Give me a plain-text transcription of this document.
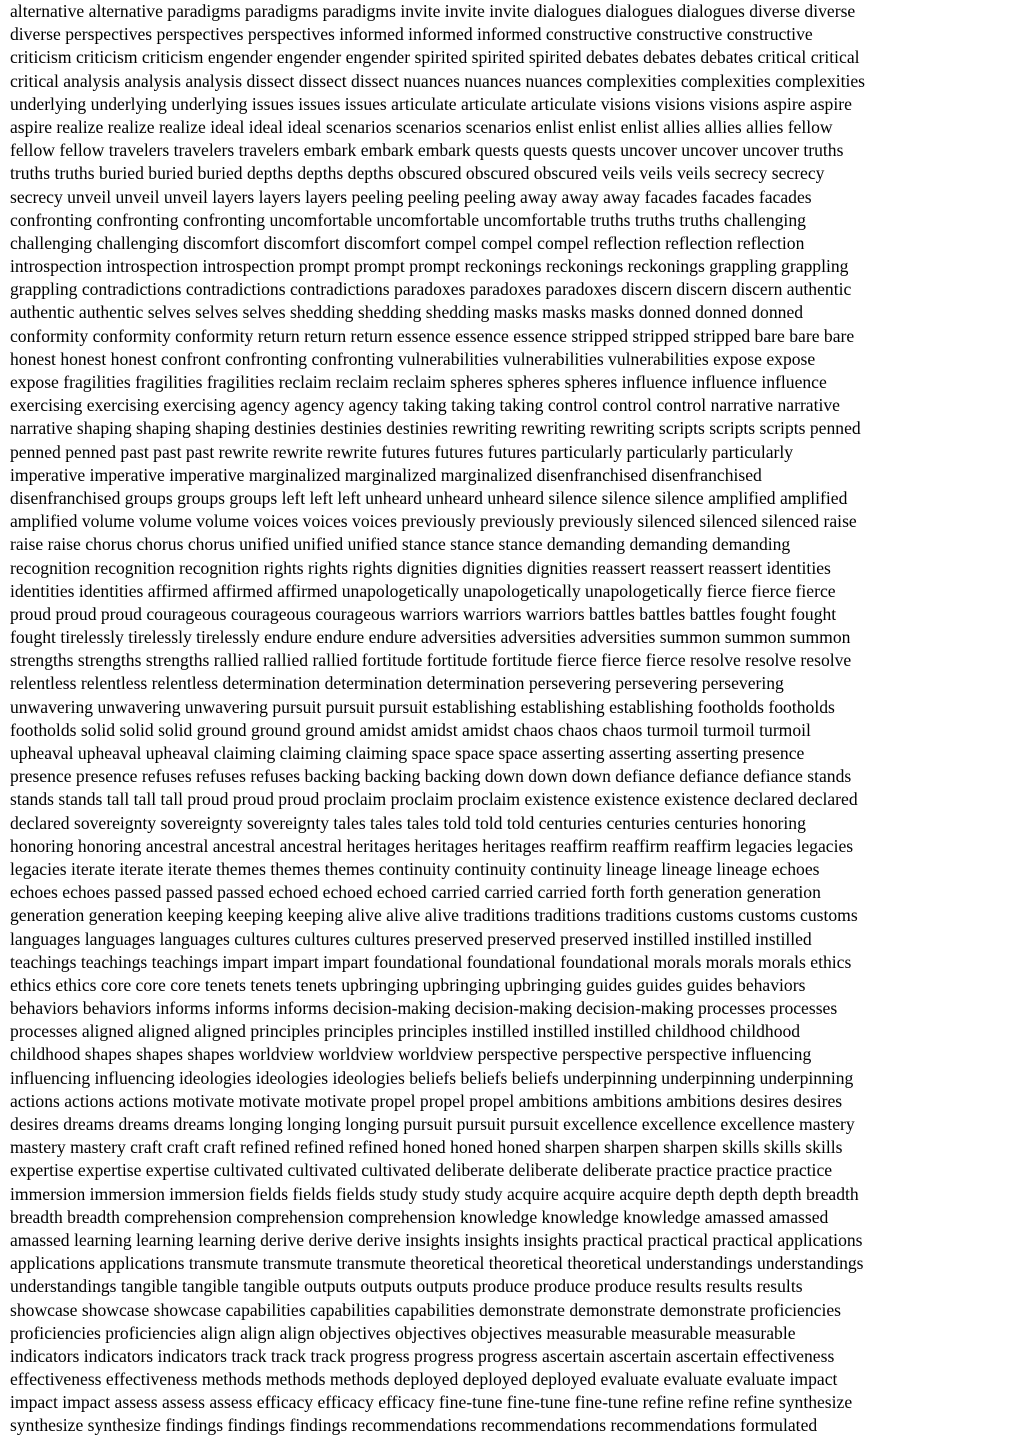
alternative alternative paradigms paradigms paradigms invite invite invite dialogues dialogues dialogues diverse diverse
diverse perspectives perspectives perspectives informed informed informed constructive constructive constructive
criticism criticism criticism engender engender engender spirited spirited spirited debates debates debates critical critical
critical analysis analysis analysis dissect dissect dissect nuances nuances nuances complexities complexities complexities
underlying underlying underlying issues issues issues articulate articulate articulate visions visions visions aspire aspire
aspire realize realize realize ideal ideal ideal scenarios scenarios scenarios enlist enlist enlist allies allies allies fellow
fellow fellow travelers travelers travelers embark embark embark quests quests quests uncover uncover uncover truths
truths truths buried buried buried depths depths depths obscured obscured obscured veils veils veils secrecy secrecy
secrecy unveil unveil unveil layers layers layers peeling peeling peeling away away away facades facades facades
confronting confronting confronting uncomfortable uncomfortable uncomfortable truths truths truths challenging
challenging challenging discomfort discomfort discomfort compel compel compel reflection reflection reflection
introspection introspection introspection prompt prompt prompt reckonings reckonings reckonings grappling grappling
grappling contradictions contradictions contradictions paradoxes paradoxes paradoxes discern discern discern authentic
authentic authentic selves selves selves shedding shedding shedding masks masks masks donned donned donned
conformity conformity conformity return return return essence essence essence stripped stripped stripped bare bare bare
honest honest honest confront confronting confronting vulnerabilities vulnerabilities vulnerabilities expose expose
expose fragilities fragilities fragilities reclaim reclaim reclaim spheres spheres spheres influence influence influence
exercising exercising exercising agency agency agency taking taking taking control control control narrative narrative
narrative shaping shaping shaping destinies destinies destinies rewriting rewriting rewriting scripts scripts scripts penned
penned penned past past past rewrite rewrite rewrite futures futures futures particularly particularly particularly
imperative imperative imperative marginalized marginalized marginalized disenfranchised disenfranchised
disenfranchised groups groups groups left left left unheard unheard unheard silence silence silence amplified amplified
amplified volume volume volume voices voices voices previously previously previously silenced silenced silenced raise
raise raise chorus chorus chorus unified unified unified stance stance stance demanding demanding demanding
recognition recognition recognition rights rights rights dignities dignities dignities reassert reassert reassert identities
identities identities affirmed affirmed affirmed unapologetically unapologetically unapologetically fierce fierce fierce
proud proud proud courageous courageous courageous warriors warriors warriors battles battles battles fought fought
fought tirelessly tirelessly tirelessly endure endure endure adversities adversities adversities summon summon summon
strengths strengths strengths rallied rallied rallied fortitude fortitude fortitude fierce fierce fierce resolve resolve resolve
relentless relentless relentless determination determination determination persevering persevering persevering
unwavering unwavering unwavering pursuit pursuit pursuit establishing establishing establishing footholds footholds
footholds solid solid solid ground ground ground amidst amidst amidst chaos chaos chaos turmoil turmoil turmoil
upheaval upheaval upheaval claiming claiming claiming space space space asserting asserting asserting presence
presence presence refuses refuses refuses backing backing backing down down down defiance defiance defiance stands
stands stands tall tall tall proud proud proud proclaim proclaim proclaim existence existence existence declared declared
declared sovereignty sovereignty sovereignty tales tales tales told told told centuries centuries centuries honoring
honoring honoring ancestral ancestral ancestral heritages heritages heritages reaffirm reaffirm reaffirm legacies legacies
legacies iterate iterate iterate themes themes themes continuity continuity continuity lineage lineage lineage echoes
echoes echoes passed passed passed echoed echoed echoed carried carried carried forth forth generation generation
generation generation keeping keeping keeping alive alive alive traditions traditions traditions customs customs customs
languages languages languages cultures cultures cultures preserved preserved preserved instilled instilled instilled
teachings teachings teachings impart impart impart foundational foundational foundational morals morals morals ethics
ethics ethics core core core tenets tenets tenets upbringing upbringing upbringing guides guides guides behaviors
behaviors behaviors informs informs informs decision-making decision-making decision-making processes processes
processes aligned aligned aligned principles principles principles instilled instilled instilled childhood childhood
childhood shapes shapes shapes worldview worldview worldview perspective perspective perspective influencing
influencing influencing ideologies ideologies ideologies beliefs beliefs beliefs underpinning underpinning underpinning
actions actions actions motivate motivate motivate propel propel propel ambitions ambitions ambitions desires desires
desires dreams dreams dreams longing longing longing pursuit pursuit pursuit excellence excellence excellence mastery
mastery mastery craft craft craft refined refined refined honed honed honed sharpen sharpen sharpen skills skills skills
expertise expertise expertise cultivated cultivated cultivated deliberate deliberate deliberate practice practice practice
immersion immersion immersion fields fields fields study study study acquire acquire acquire depth depth depth breadth
breadth breadth comprehension comprehension comprehension knowledge knowledge knowledge amassed amassed
amassed learning learning learning derive derive derive insights insights insights practical practical practical applications
applications applications transmute transmute transmute theoretical theoretical theoretical understandings understandings
understandings tangible tangible tangible outputs outputs outputs produce produce produce results results results
showcase showcase showcase capabilities capabilities capabilities demonstrate demonstrate demonstrate proficiencies
proficiencies proficiencies align align align objectives objectives objectives measurable measurable measurable
indicators indicators indicators track track track progress progress progress ascertain ascertain ascertain effectiveness
effectiveness effectiveness methods methods methods deployed deployed deployed evaluate evaluate evaluate impact
impact impact assess assess assess efficacy efficacy efficacy fine-tune fine-tune fine-tune refine refine refine synthesize
synthesize synthesize findings findings findings recommendations recommendations recommendations formulated
